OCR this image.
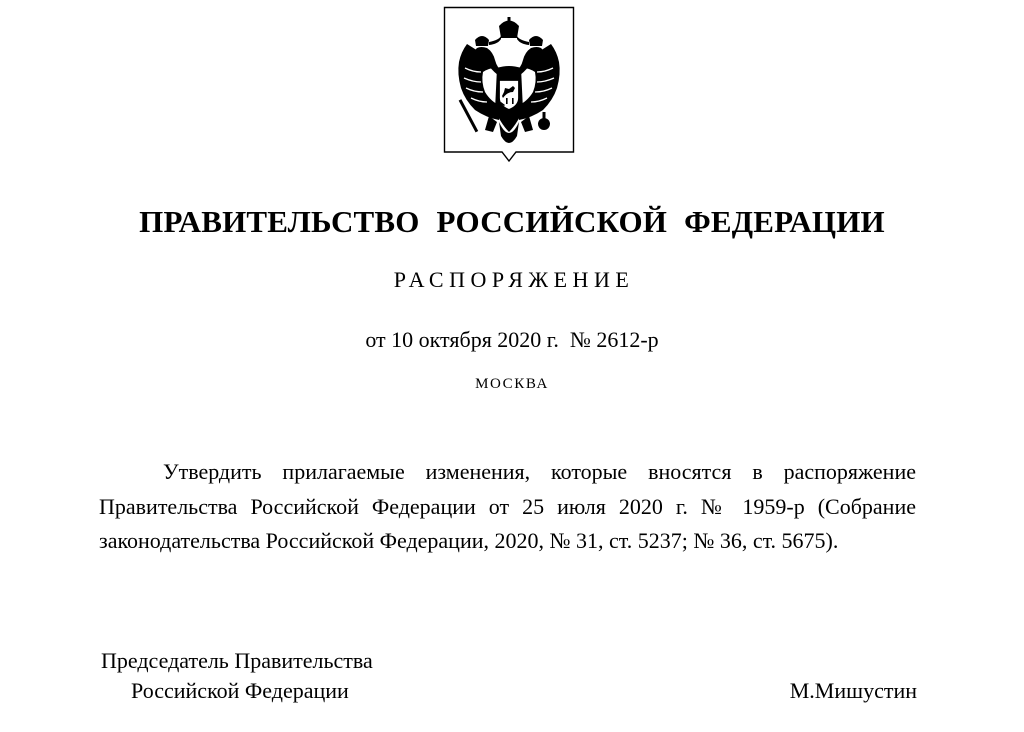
ПРАВИТЕЛЬСТВО РОССИЙСКОЙ ФЕДЕРАЦИИ
РАСПОРЯЖЕНИЕ
от 10 октября 2020 г.  № 2612-р
МОСКВА

Утвердить прилагаемые изменения, которые вносятся в распоряжение Правительства Российской Федерации от 25 июля 2020 г. № 1959-р (Собрание законодательства Российской Федерации, 2020, № 31, ст. 5237; № 36, ст. 5675).

Председатель Правительства
Российской Федерации	М.Мишустин
